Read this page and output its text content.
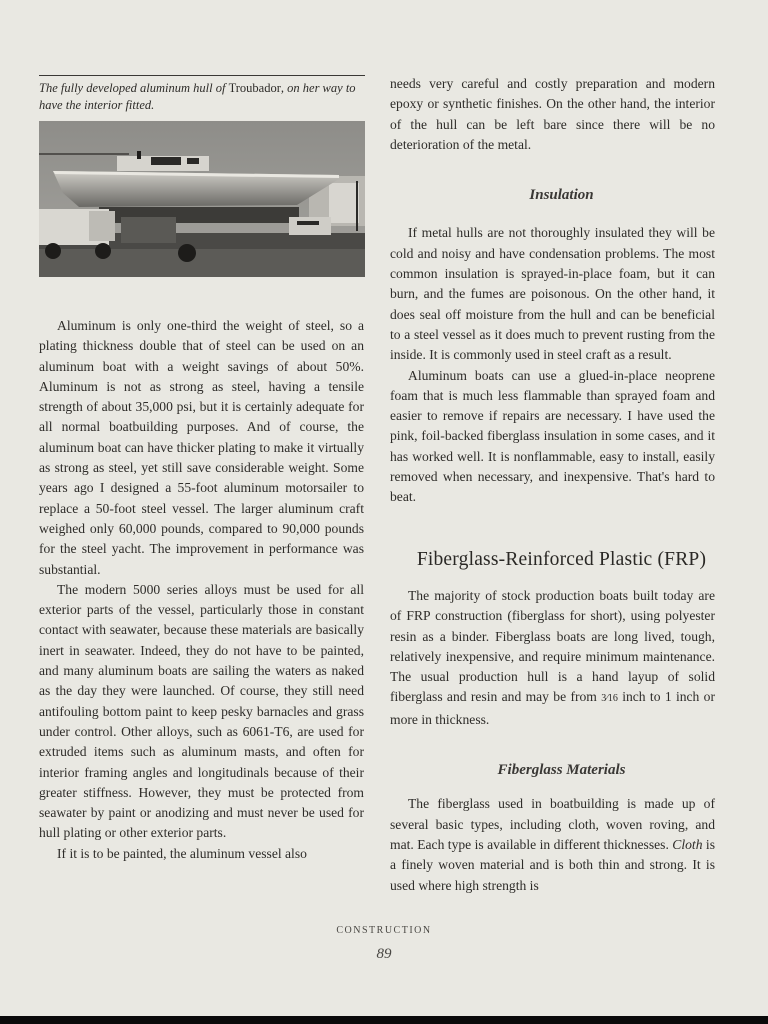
The fully developed aluminum hull of Troubador, on her way to have the interior fitted.

Aluminum is only one-third the weight of steel, so a plating thickness double that of steel can be used on an aluminum boat with a weight savings of about 50%. Aluminum is not as strong as steel, having a tensile strength of about 35,000 psi, but it is certainly adequate for all normal boatbuilding purposes. And of course, the aluminum boat can have thicker plating to make it virtually as strong as steel, yet still save considerable weight. Some years ago I designed a 55-foot aluminum motorsailer to replace a 50-foot steel vessel. The larger aluminum craft weighed only 60,000 pounds, compared to 90,000 pounds for the steel yacht. The improvement in performance was substantial.

The modern 5000 series alloys must be used for all exterior parts of the vessel, particularly those in constant contact with seawater, because these materials are basically inert in seawater. Indeed, they do not have to be painted, and many aluminum boats are sailing the waters as naked as the day they were launched. Of course, they still need antifouling bottom paint to keep pesky barnacles and grass under control. Other alloys, such as 6061-T6, are used for extruded items such as aluminum masts, and often for interior framing angles and longitudinals because of their greater stiffness. However, they must be protected from seawater by paint or anodizing and must never be used for hull plating or other exterior parts.

If it is to be painted, the aluminum vessel also

needs very careful and costly preparation and modern epoxy or synthetic finishes. On the other hand, the interior of the hull can be left bare since there will be no deterioration of the metal.

Insulation

If metal hulls are not thoroughly insulated they will be cold and noisy and have condensation problems. The most common insulation is sprayed-in-place foam, but it can burn, and the fumes are poisonous. On the other hand, it does seal off moisture from the hull and can be beneficial to a steel vessel as it does much to prevent rusting from the inside. It is commonly used in steel craft as a result.

Aluminum boats can use a glued-in-place neoprene foam that is much less flammable than sprayed foam and easier to remove if repairs are necessary. I have used the pink, foil-backed fiberglass insulation in some cases, and it has worked well. It is nonflammable, easy to install, easily removed when necessary, and inexpensive. That's hard to beat.

Fiberglass-Reinforced Plastic (FRP)

The majority of stock production boats built today are of FRP construction (fiberglass for short), using polyester resin as a binder. Fiberglass boats are long lived, tough, relatively inexpensive, and require minimum maintenance. The usual production hull is a hand layup of solid fiberglass and resin and may be from 3⁄16 inch to 1 inch or more in thickness.

Fiberglass Materials

The fiberglass used in boatbuilding is made up of several basic types, including cloth, woven roving, and mat. Each type is available in different thicknesses. Cloth is a finely woven material and is both thin and strong. It is used where high strength is

CONSTRUCTION
89
